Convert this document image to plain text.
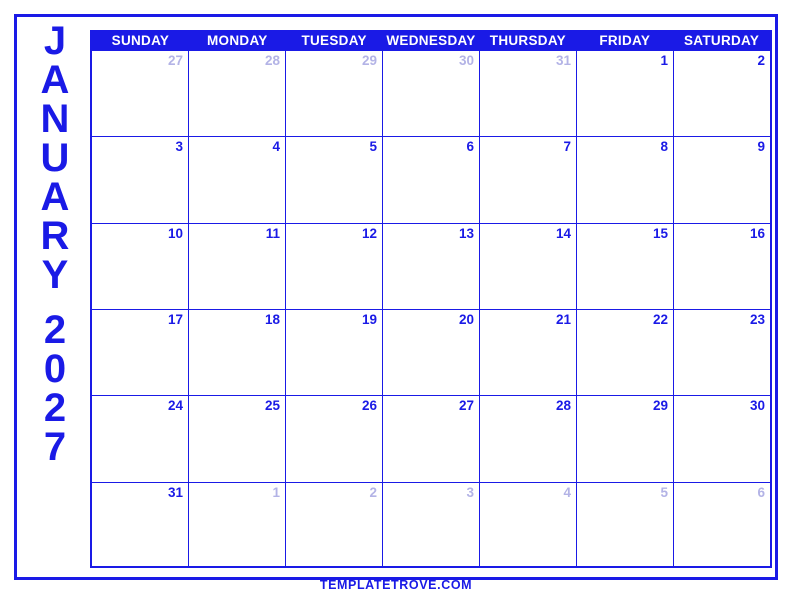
J
A
N
U
A
R
Y
2
0
2
7
SUNDAY	MONDAY	TUESDAY	WEDNESDAY	THURSDAY	FRIDAY	SATURDAY
27	28	29	30	31	1	2
3	4	5	6	7	8	9
10	11	12	13	14	15	16
17	18	19	20	21	22	23
24	25	26	27	28	29	30
31	1	2	3	4	5	6
TEMPLATETROVE.COM
